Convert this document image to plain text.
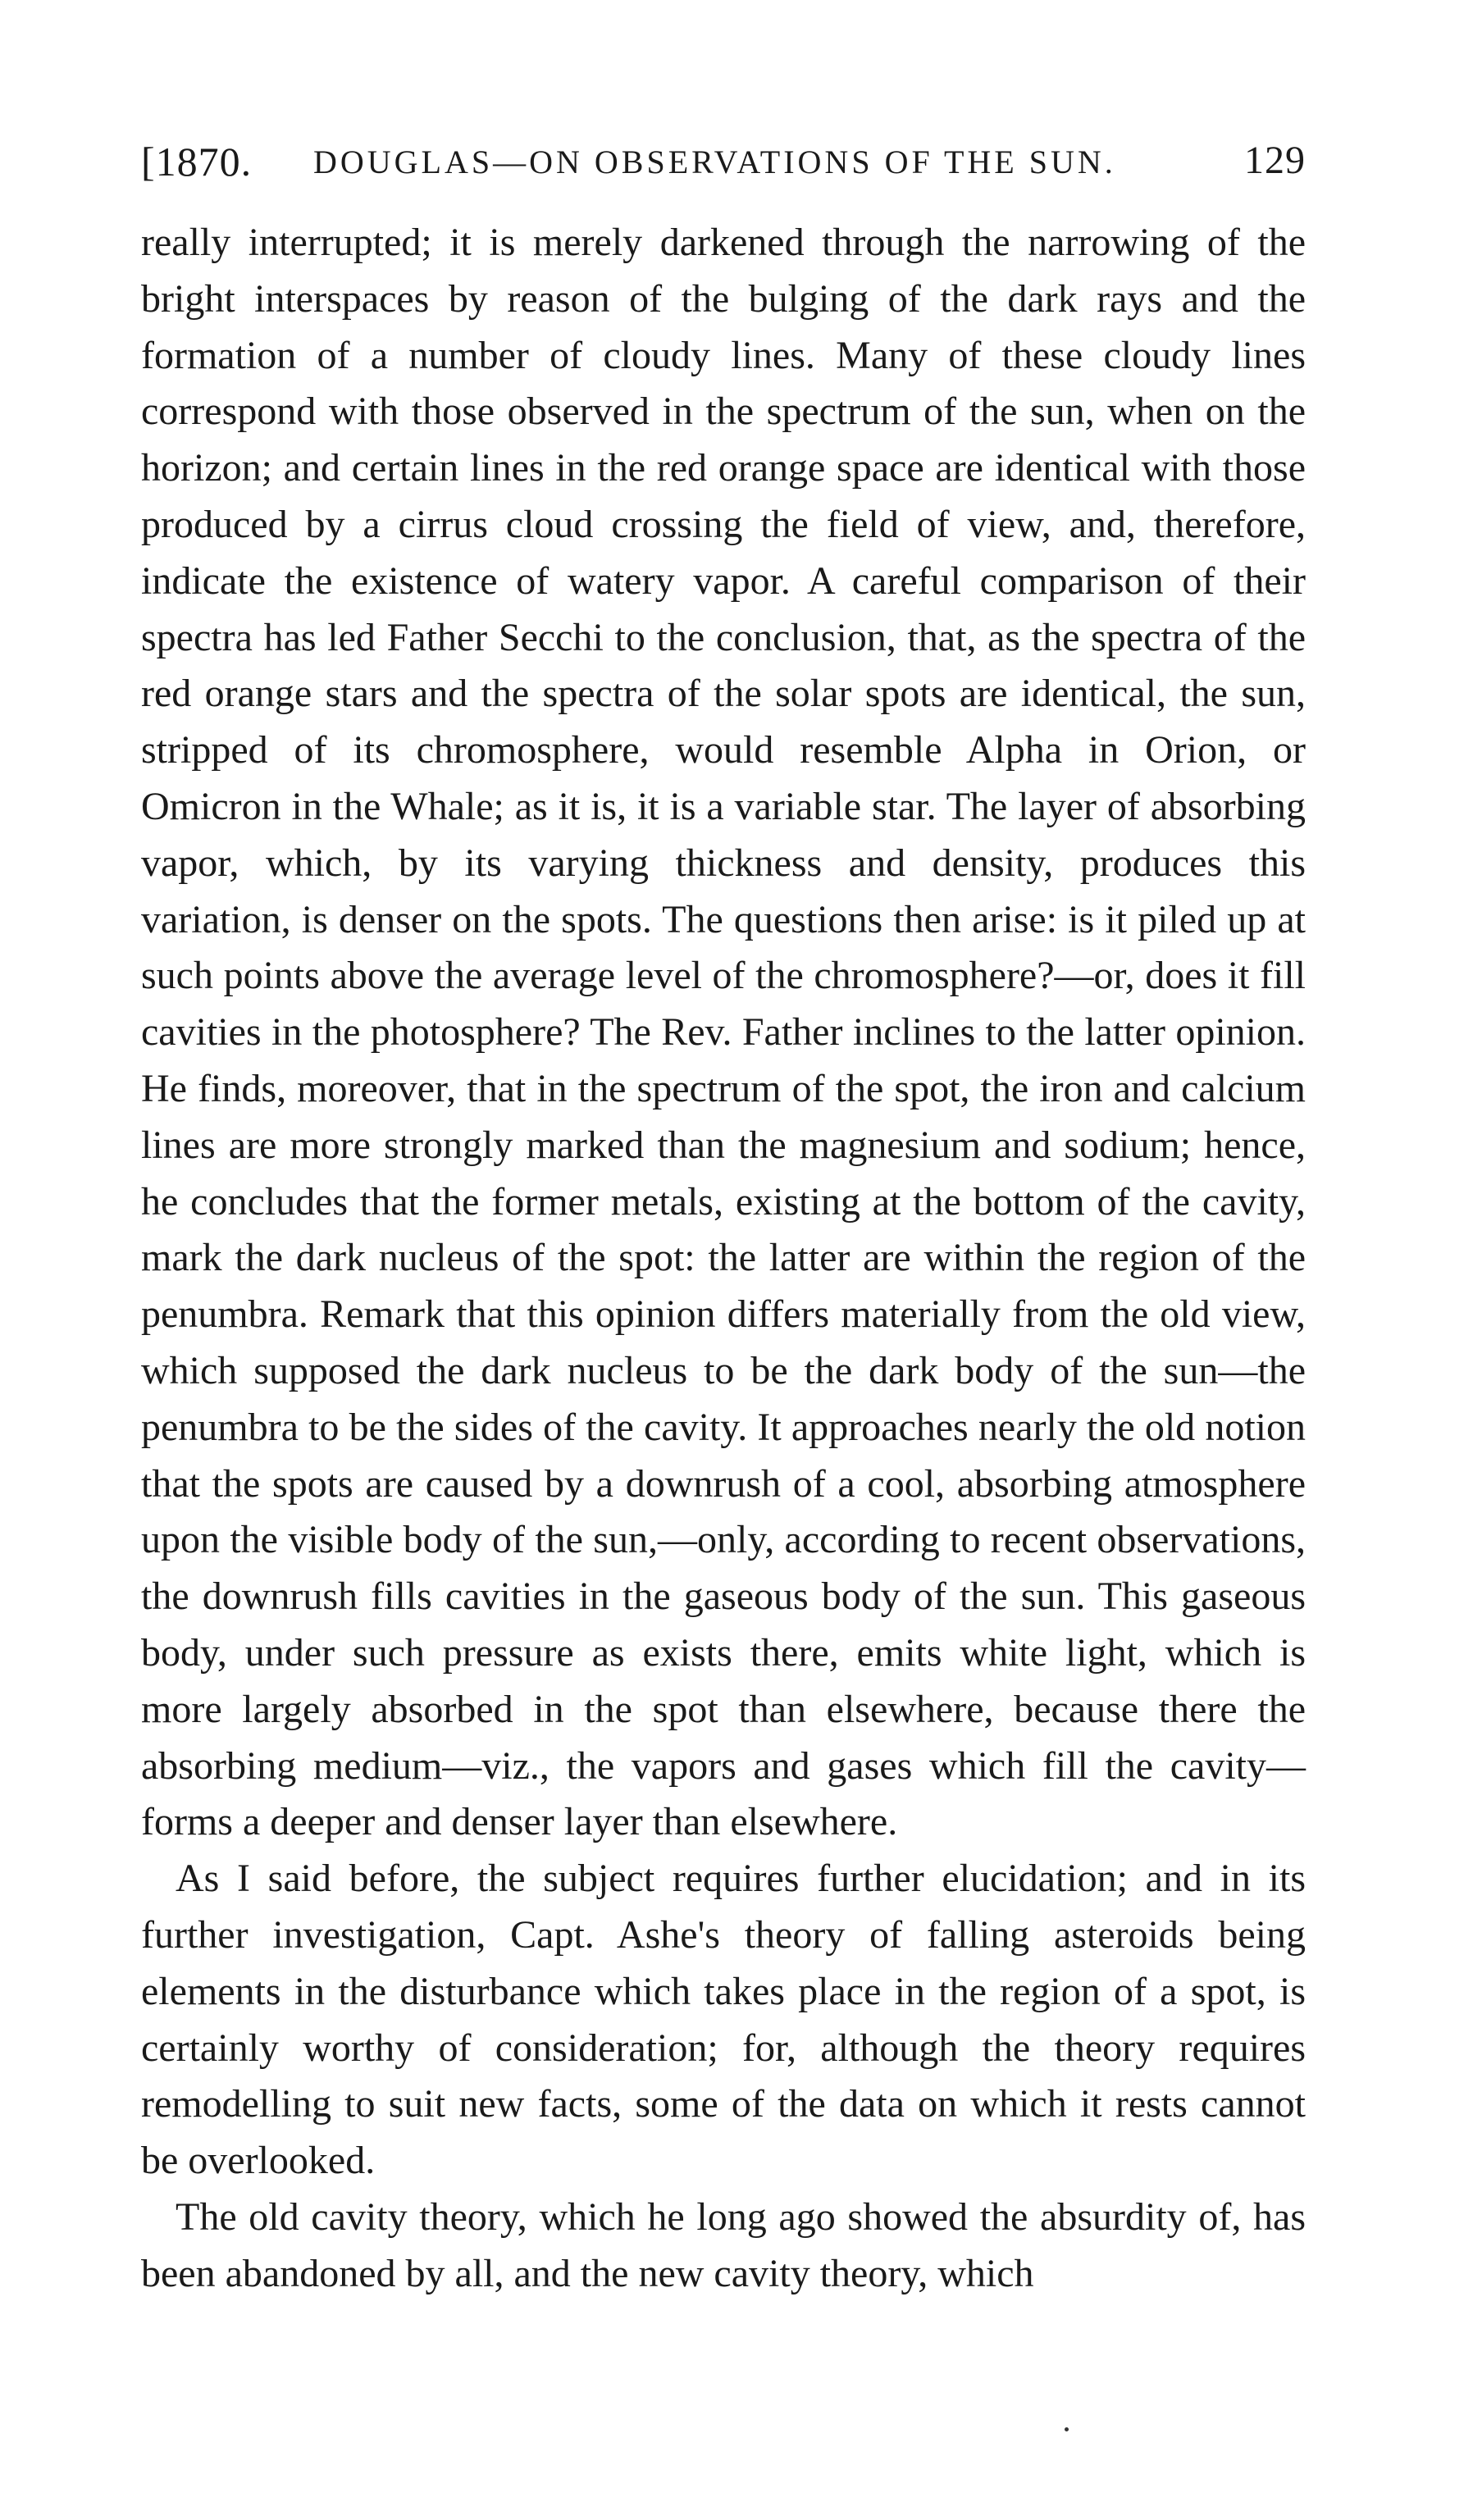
[1870. DOUGLAS—ON OBSERVATIONS OF THE SUN.	129

really interrupted; it is merely darkened through the narrowing of the bright interspaces by reason of the bulging of the dark rays and the formation of a number of cloudy lines. Many of these cloudy lines correspond with those observed in the spectrum of the sun, when on the horizon; and certain lines in the red orange space are identical with those produced by a cirrus cloud crossing the field of view, and, therefore, indicate the existence of watery vapor. A careful comparison of their spectra has led Father Secchi to the conclusion, that, as the spectra of the red orange stars and the spectra of the solar spots are identical, the sun, stripped of its chromosphere, would resemble Alpha in Orion, or Omicron in the Whale; as it is, it is a variable star. The layer of absorbing vapor, which, by its varying thickness and density, produces this variation, is denser on the spots. The questions then arise: is it piled up at such points above the average level of the chromosphere?—or, does it fill cavities in the photosphere? The Rev. Father inclines to the latter opinion. He finds, moreover, that in the spectrum of the spot, the iron and calcium lines are more strongly marked than the magnesium and sodium; hence, he concludes that the former metals, existing at the bottom of the cavity, mark the dark nucleus of the spot: the latter are within the region of the penumbra. Remark that this opinion differs materially from the old view, which supposed the dark nucleus to be the dark body of the sun—the penumbra to be the sides of the cavity. It approaches nearly the old notion that the spots are caused by a downrush of a cool, absorbing atmosphere upon the visible body of the sun,—only, according to recent observations, the downrush fills cavities in the gaseous body of the sun. This gaseous body, under such pressure as exists there, emits white light, which is more largely absorbed in the spot than elsewhere, because there the absorbing medium—viz., the vapors and gases which fill the cavity—forms a deeper and denser layer than elsewhere.

As I said before, the subject requires further elucidation; and in its further investigation, Capt. Ashe's theory of falling asteroids being elements in the disturbance which takes place in the region of a spot, is certainly worthy of consideration; for, although the theory requires remodelling to suit new facts, some of the data on which it rests cannot be overlooked.

The old cavity theory, which he long ago showed the absurdity of, has been abandoned by all, and the new cavity theory, which
